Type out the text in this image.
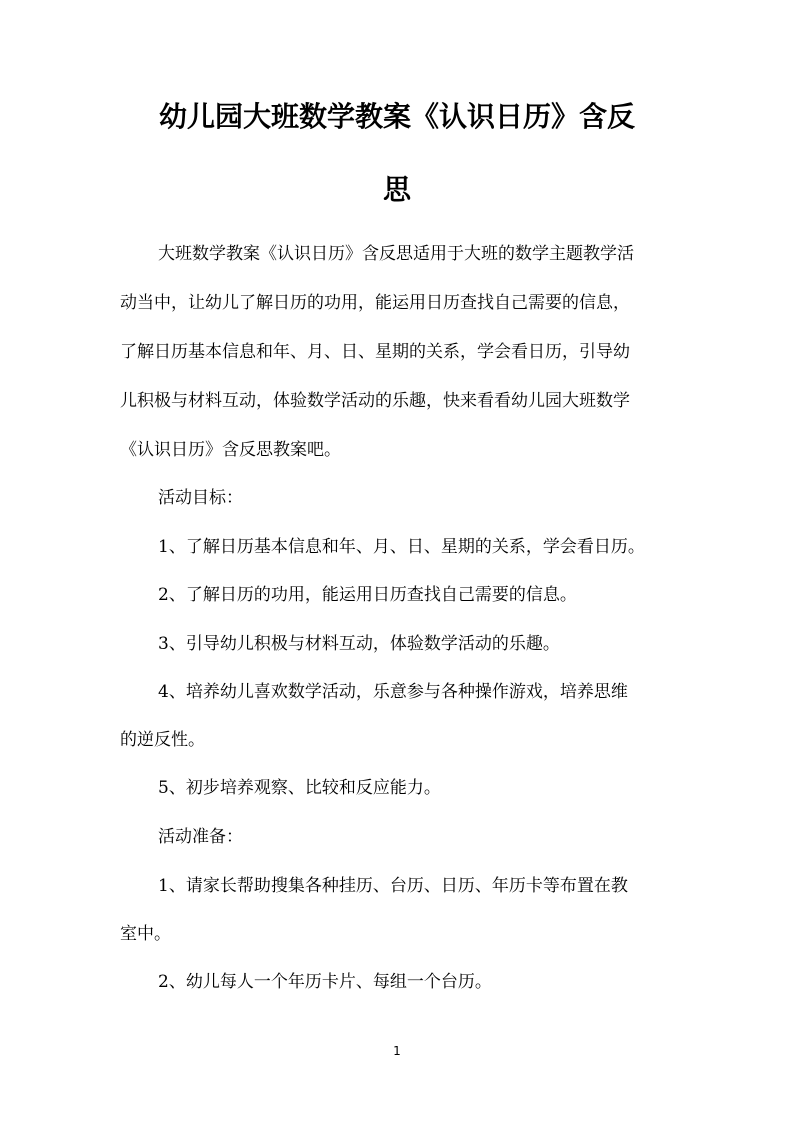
幼儿园大班数学教案《认识日历》含反
思

大班数学教案《认识日历》含反思适用于大班的数学主题教学活

动当中，让幼儿了解日历的功用，能运用日历查找自己需要的信息，

了解日历基本信息和年、月、日、星期的关系，学会看日历，引导幼

儿积极与材料互动，体验数学活动的乐趣，快来看看幼儿园大班数学

《认识日历》含反思教案吧。

活动目标：

1、了解日历基本信息和年、月、日、星期的关系，学会看日历。

2、了解日历的功用，能运用日历查找自己需要的信息。

3、引导幼儿积极与材料互动，体验数学活动的乐趣。

4、培养幼儿喜欢数学活动，乐意参与各种操作游戏，培养思维

的逆反性。

5、初步培养观察、比较和反应能力。

活动准备：

1、请家长帮助搜集各种挂历、台历、日历、年历卡等布置在教

室中。

2、幼儿每人一个年历卡片、每组一个台历。

1
